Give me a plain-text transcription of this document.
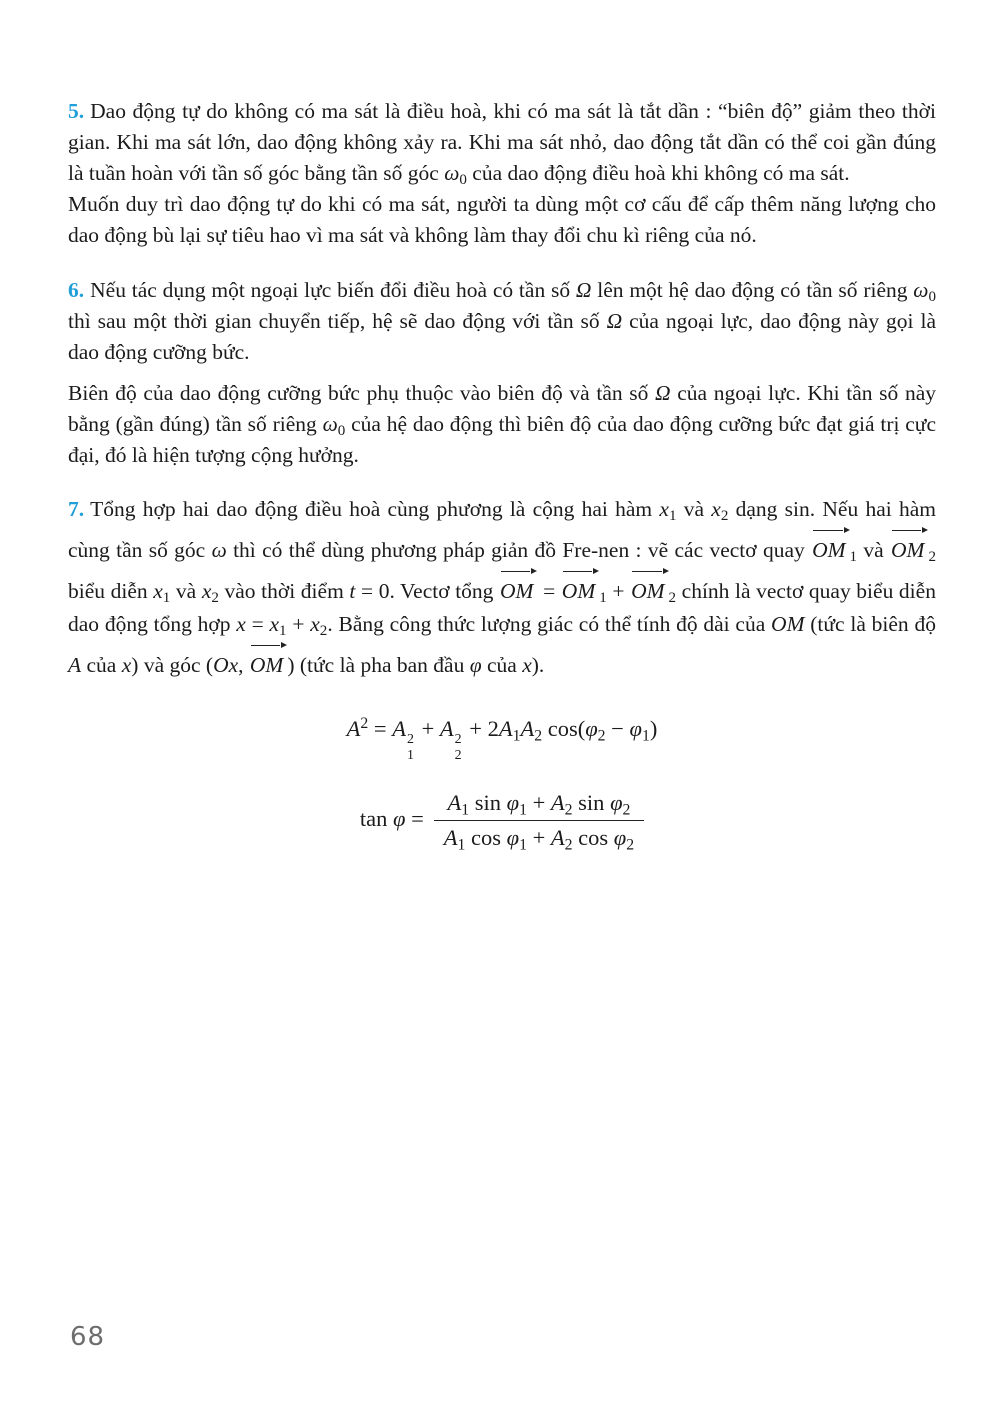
5. Dao động tự do không có ma sát là điều hoà, khi có ma sát là tắt dần : “biên độ” giảm theo thời gian. Khi ma sát lớn, dao động không xảy ra. Khi ma sát nhỏ, dao động tắt dần có thể coi gần đúng là tuần hoàn với tần số góc bằng tần số góc $\omega_0$ của dao động điều hoà khi không có ma sát.

Muốn duy trì dao động tự do khi có ma sát, người ta dùng một cơ cấu để cấp thêm năng lượng cho dao động bù lại sự tiêu hao vì ma sát và không làm thay đổi chu kì riêng của nó.

6. Nếu tác dụng một ngoại lực biến đổi điều hoà có tần số Ω lên một hệ dao động có tần số riêng $\omega_0$ thì sau một thời gian chuyển tiếp, hệ sẽ dao động với tần số Ω của ngoại lực, dao động này gọi là dao động cưỡng bức.

Biên độ của dao động cưỡng bức phụ thuộc vào biên độ và tần số Ω của ngoại lực. Khi tần số này bằng (gần đúng) tần số riêng $\omega_0$ của hệ dao động thì biên độ của dao động cưỡng bức đạt giá trị cực đại, đó là hiện tượng cộng hưởng.

7. Tổng hợp hai dao động điều hoà cùng phương là cộng hai hàm $x_1$ và $x_2$ dạng sin. Nếu hai hàm cùng tần số góc ω thì có thể dùng phương pháp giản đồ Fre-nen : vẽ các vectơ quay OM $_1$ và OM $_2$ biểu diễn $x_1$ và $x_2$ vào thời điểm t = 0. Vectơ tổng OM = OM $_1$ + OM $_2$ chính là vectơ quay biểu diễn dao động tổng hợp $x = x_1 + x_2$. Bằng công thức lượng giác có thể tính độ dài của OM (tức là biên độ A của x) và góc (Ox, OM ) (tức là pha ban đầu φ của x).

$A^2 = A$ 2
1
+ A 2
2
+ $2A_1A_2$ $\cos(\varphi_2 - \varphi_1)$
$\tan \varphi = \frac{A_1 \sin \varphi_1 + A_2 \sin \varphi_2}{A_1 \cos \varphi_1 + A_2 \cos \varphi_2}$
68
